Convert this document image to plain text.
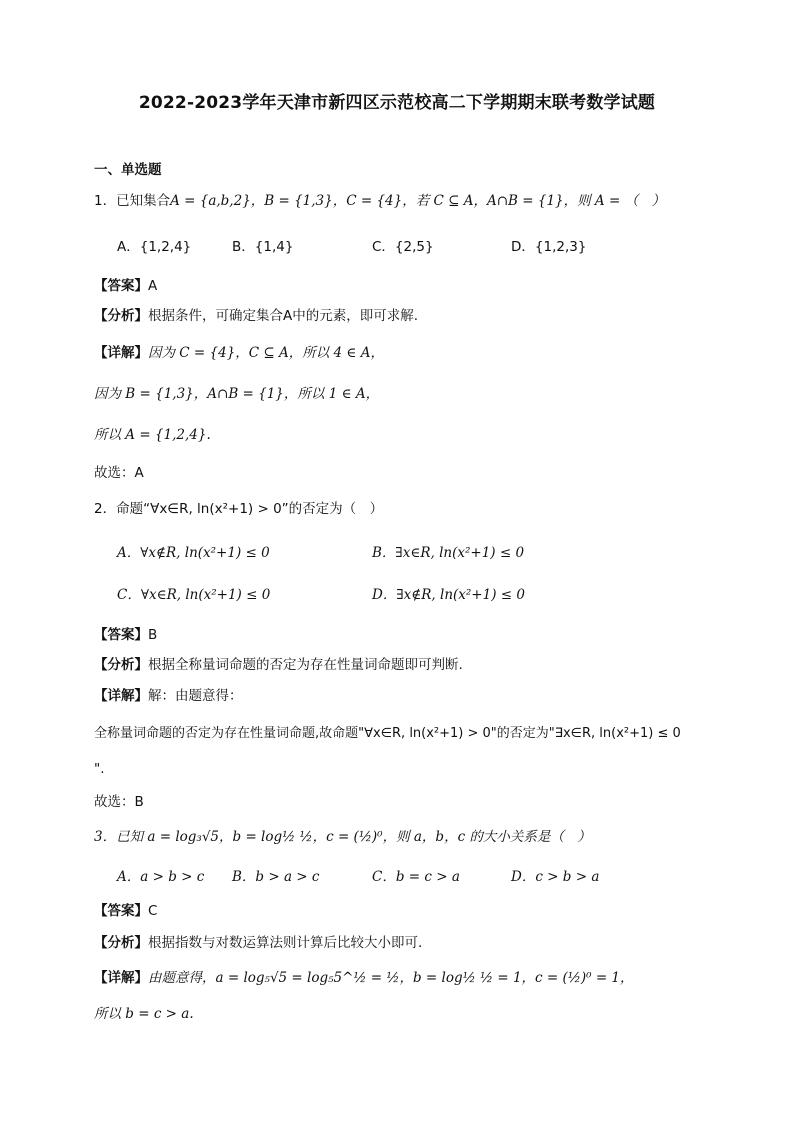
2022-2023学年天津市新四区示范校高二下学期期末联考数学试题
一、单选题
1．已知集合A = {a,b,2}，B = {1,3}，C = {4}，若 C ⊆ A，A∩B = {1}，则 A = （　）
A．{1,2,4}	B．{1,4}	C．{2,5}	D．{1,2,3}
【答案】A
【分析】根据条件，可确定集合A中的元素，即可求解.
【详解】因为 C = {4}，C ⊆ A，所以 4 ∈ A，
因为 B = {1,3}，A∩B = {1}，所以 1 ∈ A，
所以 A = {1,2,4}.
故选：A
2．命题“∀x∈R, ln(x²+1) > 0”的否定为（　）
A．∀x∉R, ln(x²+1) ≤ 0	B．∃x∈R, ln(x²+1) ≤ 0
C．∀x∈R, ln(x²+1) ≤ 0	D．∃x∉R, ln(x²+1) ≤ 0
【答案】B
【分析】根据全称量词命题的否定为存在性量词命题即可判断.
【详解】解：由题意得：
全称量词命题的否定为存在性量词命题,故命题"∀x∈R, ln(x²+1) > 0"的否定为"∃x∈R, ln(x²+1) ≤ 0
".
故选：B
3．已知 a = log₃√5，b = log½ ½，c = (½)⁰，则 a，b，c 的大小关系是（　）
A．a > b > c B．b > a > c	C．b = c > a	D．c > b > a
【答案】C
【分析】根据指数与对数运算法则计算后比较大小即可.
【详解】由题意得，a = log₅√5 = log₅5^½ = ½，b = log½ ½ = 1，c = (½)⁰ = 1，
所以 b = c > a.
